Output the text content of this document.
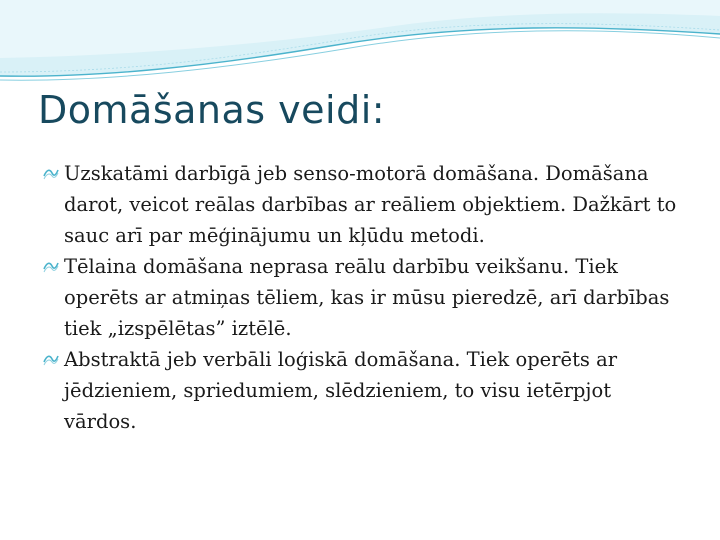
Domāšanas veidi:
Uzskatāmi darbīgā jeb senso-motorā domāšana. Domāšana darot, veicot reālas darbības ar reāliem objektiem. Dažkārt to sauc arī par mēģinājumu un kļūdu metodi.
Tēlaina domāšana neprasa reālu darbību veikšanu. Tiek operēts ar atmiņas tēliem, kas ir mūsu pieredzē, arī darbības tiek „izspēlētas” iztēlē.
Abstraktā jeb verbāli loģiskā domāšana. Tiek operēts ar jēdzieniem, spriedumiem, slēdzieniem, to visu ietērpjot vārdos.
